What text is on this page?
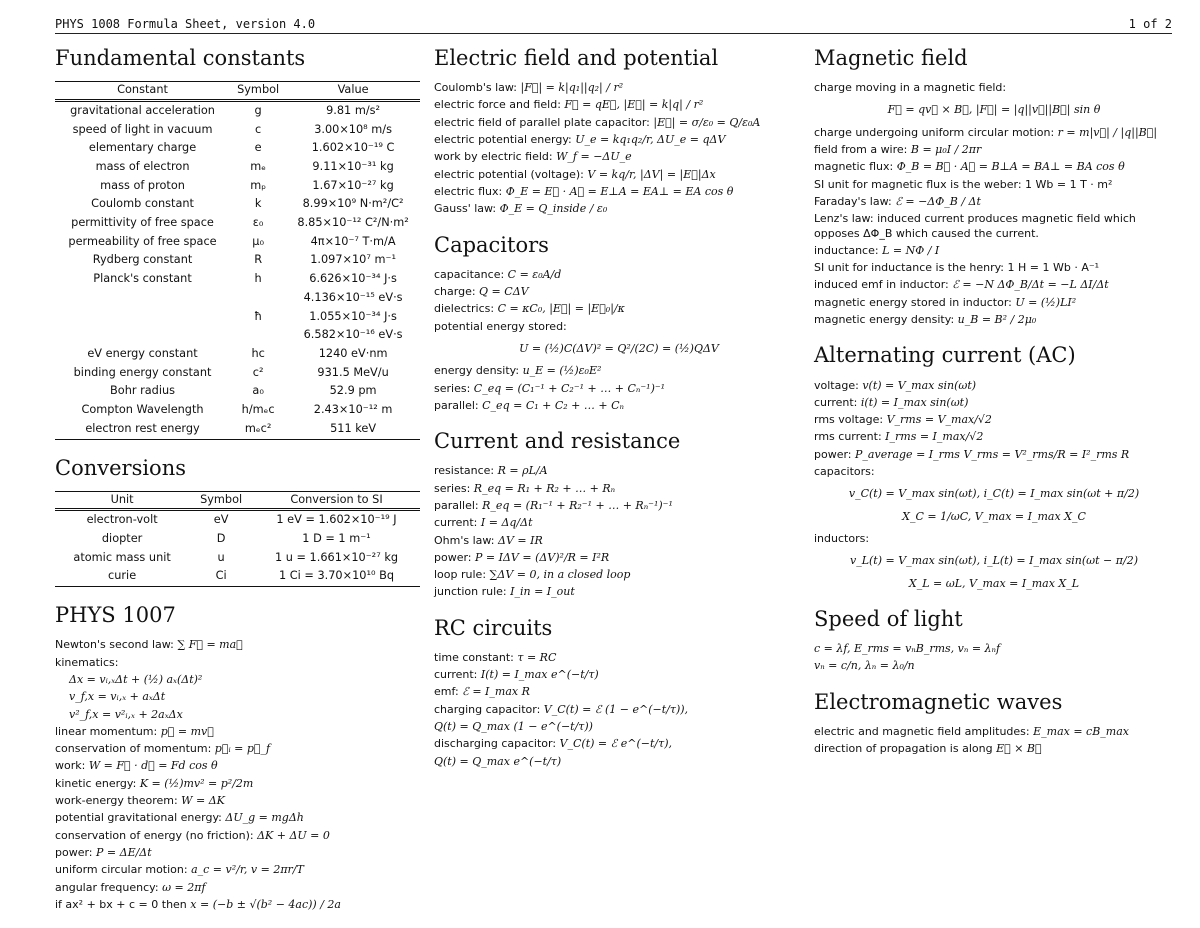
PHYS 1008 Formula Sheet, version 4.0	1 of 2
Fundamental constants
Constant	Symbol	Value
gravitational acceleration	g	9.81 m/s²
speed of light in vacuum	c	3.00×10⁸ m/s
elementary charge	e	1.602×10⁻¹⁹ C
mass of electron	mₑ	9.11×10⁻³¹ kg
mass of proton	mₚ	1.67×10⁻²⁷ kg
Coulomb constant	k	8.99×10⁹ N·m²/C²
permittivity of free space	ε₀	8.85×10⁻¹² C²/N·m²
permeability of free space	μ₀	4π×10⁻⁷ T·m/A
Rydberg constant	R	1.097×10⁷ m⁻¹
Planck's constant	h	6.626×10⁻³⁴ J·s
		4.136×10⁻¹⁵ eV·s
	ħ	1.055×10⁻³⁴ J·s
		6.582×10⁻¹⁶ eV·s
eV energy constant	hc	1240 eV·nm
binding energy constant	c²	931.5 MeV/u
Bohr radius	a₀	52.9 pm
Compton Wavelength	h/mₑc	2.43×10⁻¹² m
electron rest energy	mₑc²	511 keV
Conversions
Unit	Symbol	Conversion to SI
electron-volt	eV	1 eV = 1.602×10⁻¹⁹ J
diopter	D	1 D = 1 m⁻¹
atomic mass unit	u	1 u = 1.661×10⁻²⁷ kg
curie	Ci	1 Ci = 3.70×10¹⁰ Bq
PHYS 1007
Newton's second law: ∑ F⃗ = ma⃗
kinematics:
Δx = vᵢ,ₓΔt + (½) aₓ(Δt)²
v_f,x = vᵢ,ₓ + aₓΔt
v²_f,x = v²ᵢ,ₓ + 2aₓΔx
linear momentum: p⃗ = mv⃗
conservation of momentum: p⃗ᵢ = p⃗_f
work: W = F⃗ · d⃗ = Fd cos θ
kinetic energy: K = (½)mv² = p²/2m
work-energy theorem: W = ΔK
potential gravitational energy: ΔU_g = mgΔh
conservation of energy (no friction): ΔK + ΔU = 0
power: P = ΔE/Δt
uniform circular motion: a_c = v²/r, v = 2πr/T
angular frequency: ω = 2πf
if ax² + bx + c = 0 then x = (−b ± √(b² − 4ac)) / 2a
Electric field and potential
Coulomb's law: |F⃗| = k|q₁||q₂| / r²
electric force and field: F⃗ = qE⃗, |E⃗| = k|q| / r²
electric field of parallel plate capacitor: |E⃗| = σ/ε₀ = Q/ε₀A
electric potential energy: U_e = kq₁q₂/r, ΔU_e = qΔV
work by electric field: W_f = −ΔU_e
electric potential (voltage): V = kq/r, |ΔV| = |E⃗|Δx
electric flux: Φ_E = E⃗ · A⃗ = E⊥A = EA⊥ = EA cos θ
Gauss' law: Φ_E = Q_inside / ε₀
Capacitors
capacitance: C = ε₀A/d
charge: Q = CΔV
dielectrics: C = κC₀, |E⃗| = |E⃗₀|/κ
potential energy stored:
U = (½)C(ΔV)² = Q²/(2C) = (½)QΔV
energy density: u_E = (½)ε₀E²
series: C_eq = (C₁⁻¹ + C₂⁻¹ + … + Cₙ⁻¹)⁻¹
parallel: C_eq = C₁ + C₂ + … + Cₙ
Current and resistance
resistance: R = ρL/A
series: R_eq = R₁ + R₂ + … + Rₙ
parallel: R_eq = (R₁⁻¹ + R₂⁻¹ + … + Rₙ⁻¹)⁻¹
current: I = Δq/Δt
Ohm's law: ΔV = IR
power: P = IΔV = (ΔV)²/R = I²R
loop rule: ∑ΔV = 0, in a closed loop
junction rule: I_in = I_out
RC circuits
time constant: τ = RC
current: I(t) = I_max e^(−t/τ)
emf: ℰ = I_max R
charging capacitor: V_C(t) = ℰ (1 − e^(−t/τ)),
Q(t) = Q_max (1 − e^(−t/τ))
discharging capacitor: V_C(t) = ℰ e^(−t/τ),
Q(t) = Q_max e^(−t/τ)
Magnetic field
charge moving in a magnetic field:
F⃗ = qv⃗ × B⃗, |F⃗| = |q||v⃗||B⃗| sin θ
charge undergoing uniform circular motion: r = m|v⃗| / |q||B⃗|
field from a wire: B = μ₀I / 2πr
magnetic flux: Φ_B = B⃗ · A⃗ = B⊥A = BA⊥ = BA cos θ
SI unit for magnetic flux is the weber: 1 Wb = 1 T · m²
Faraday's law: ℰ = −ΔΦ_B / Δt
Lenz's law: induced current produces magnetic field which opposes ΔΦ_B which caused the current.
inductance: L = NΦ / I
SI unit for inductance is the henry: 1 H = 1 Wb · A⁻¹
induced emf in inductor: ℰ = −N ΔΦ_B/Δt = −L ΔI/Δt
magnetic energy stored in inductor: U = (½)LI²
magnetic energy density: u_B = B² / 2μ₀
Alternating current (AC)
voltage: v(t) = V_max sin(ωt)
current: i(t) = I_max sin(ωt)
rms voltage: V_rms = V_max/√2
rms current: I_rms = I_max/√2
power: P_average = I_rms V_rms = V²_rms/R = I²_rms R
capacitors:
v_C(t) = V_max sin(ωt), i_C(t) = I_max sin(ωt + π/2)
X_C = 1/ωC, V_max = I_max X_C
inductors:
v_L(t) = V_max sin(ωt), i_L(t) = I_max sin(ωt − π/2)
X_L = ωL, V_max = I_max X_L
Speed of light
c = λf, E_rms = vₙB_rms, vₙ = λₙf
vₙ = c/n, λₙ = λ₀/n
Electromagnetic waves
electric and magnetic field amplitudes: E_max = cB_max
direction of propagation is along E⃗ × B⃗
